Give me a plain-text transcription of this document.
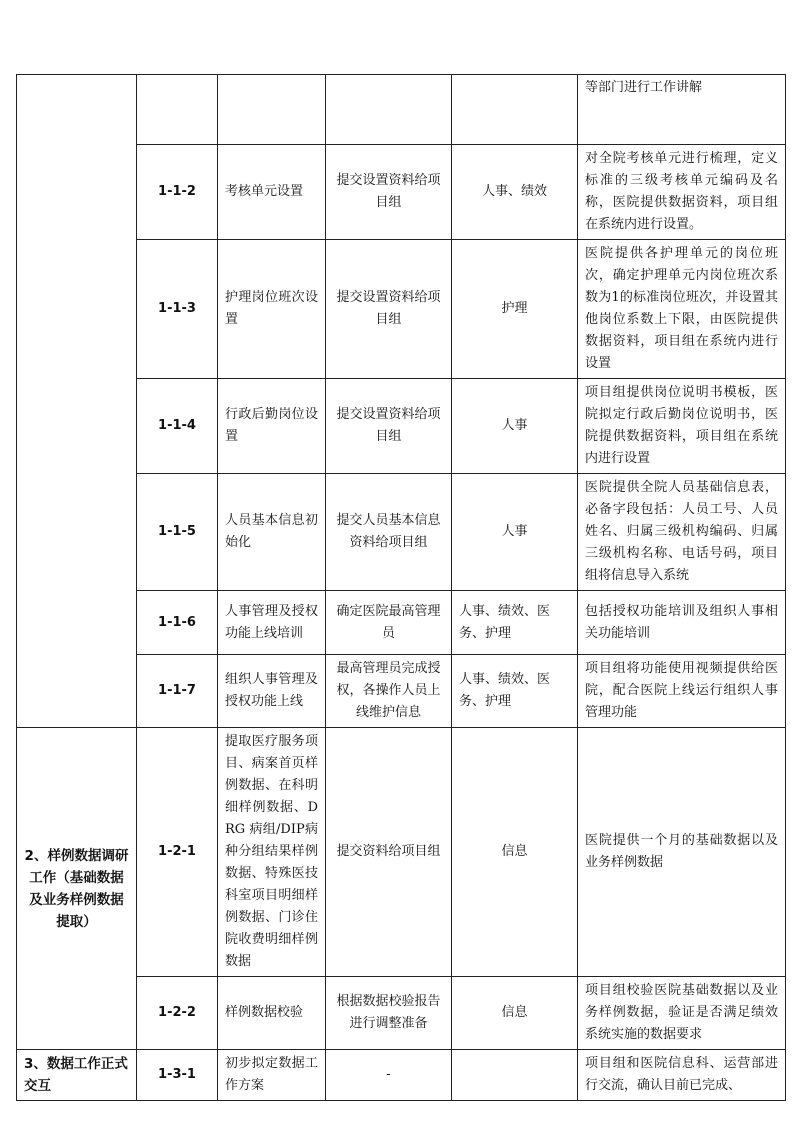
					等部门进行工作讲解
	1-1-2	考核单元设置	提交设置资料给项目组	人事、绩效	对全院考核单元进行梳理，定义标准的三级考核单元编码及名称，医院提供数据资料，项目组在系统内进行设置。
	1-1-3	护理岗位班次设置	提交设置资料给项目组	护理	医院提供各护理单元的岗位班次，确定护理单元内岗位班次系数为1的标准岗位班次，并设置其他岗位系数上下限，由医院提供数据资料，项目组在系统内进行设置
	1-1-4	行政后勤岗位设置	提交设置资料给项目组	人事	项目组提供岗位说明书模板，医院拟定行政后勤岗位说明书，医院提供数据资料，项目组在系统内进行设置
	1-1-5	人员基本信息初始化	提交人员基本信息资料给项目组	人事	医院提供全院人员基础信息表，必备字段包括：人员工号、人员姓名、归属三级机构编码、归属三级机构名称、电话号码，项目组将信息导入系统
	1-1-6	人事管理及授权功能上线培训	确定医院最高管理员	人事、绩效、医务、护理	包括授权功能培训及组织人事相关功能培训
	1-1-7	组织人事管理及授权功能上线	最高管理员完成授权，各操作人员上线维护信息	人事、绩效、医务、护理	项目组将功能使用视频提供给医院，配合医院上线运行组织人事管理功能
2、样例数据调研工作（基础数据及业务样例数据提取）	1-2-1	提取医疗服务项目、病案首页样例数据、在科明细样例数据、DRG 病组/DIP病种分组结果样例数据、特殊医技科室项目明细样例数据、门诊住院收费明细样例数据	提交资料给项目组	信息	医院提供一个月的基础数据以及业务样例数据
	1-2-2	样例数据校验	根据数据校验报告进行调整准备	信息	项目组校验医院基础数据以及业务样例数据，验证是否满足绩效系统实施的数据要求
3、数据工作正式交互	1-3-1	初步拟定数据工作方案	-		项目组和医院信息科、运营部进行交流，确认目前已完成、
